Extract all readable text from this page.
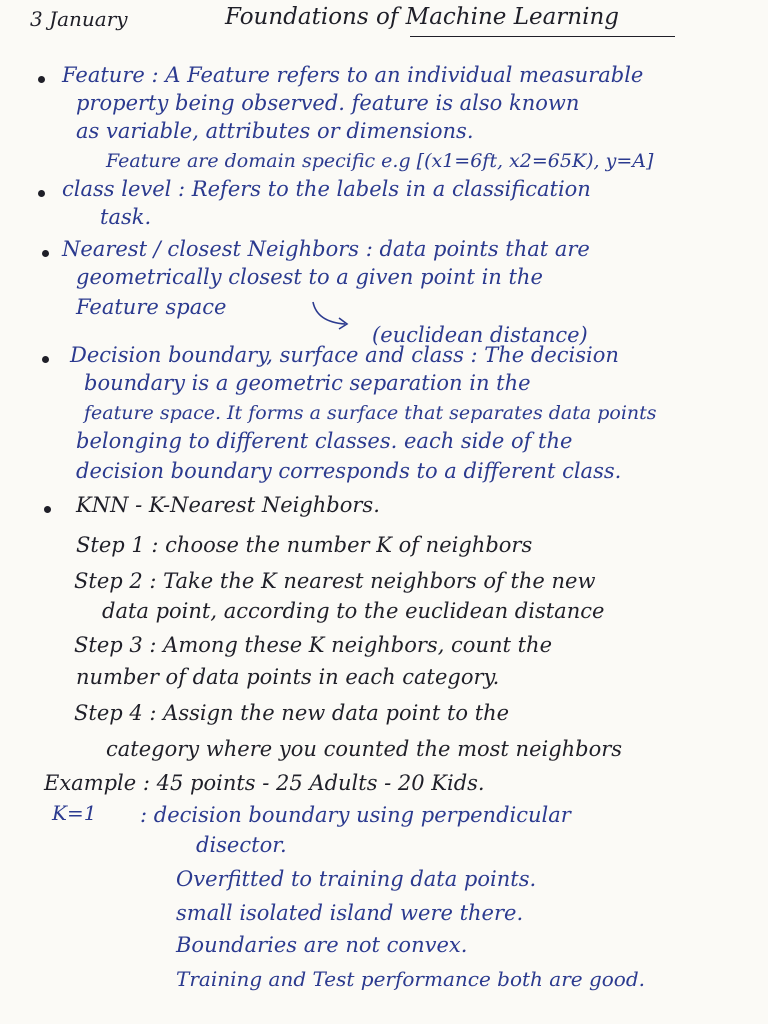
3 January	Foundations of Machine Learning
Feature : A Feature refers to an individual measurable
property being observed. feature is also known
as variable, attributes or dimensions.
Feature are domain specific e.g [(x1=6ft, x2=65K), y=A]
class level : Refers to the labels in a classification
task.
Nearest / closest Neighbors : data points that are
geometrically closest to a given point in the
Feature space
(euclidean distance)
Decision boundary, surface and class : The decision
boundary is a geometric separation in the
feature space. It forms a surface that separates data points
belonging to different classes. each side of the
decision boundary corresponds to a different class.
KNN - K-Nearest Neighbors.
Step 1 : choose the number K of neighbors
Step 2 : Take the K nearest neighbors of the new
data point, according to the euclidean distance
Step 3 : Among these K neighbors, count the
number of data points in each category.
Step 4 : Assign the new data point to the
category where you counted the most neighbors
Example : 45 points - 25 Adults - 20 Kids.
K=1 : decision boundary using perpendicular
disector.
Overfitted to training data points.
small isolated island were there.
Boundaries are not convex.
Training and Test performance both are good.
